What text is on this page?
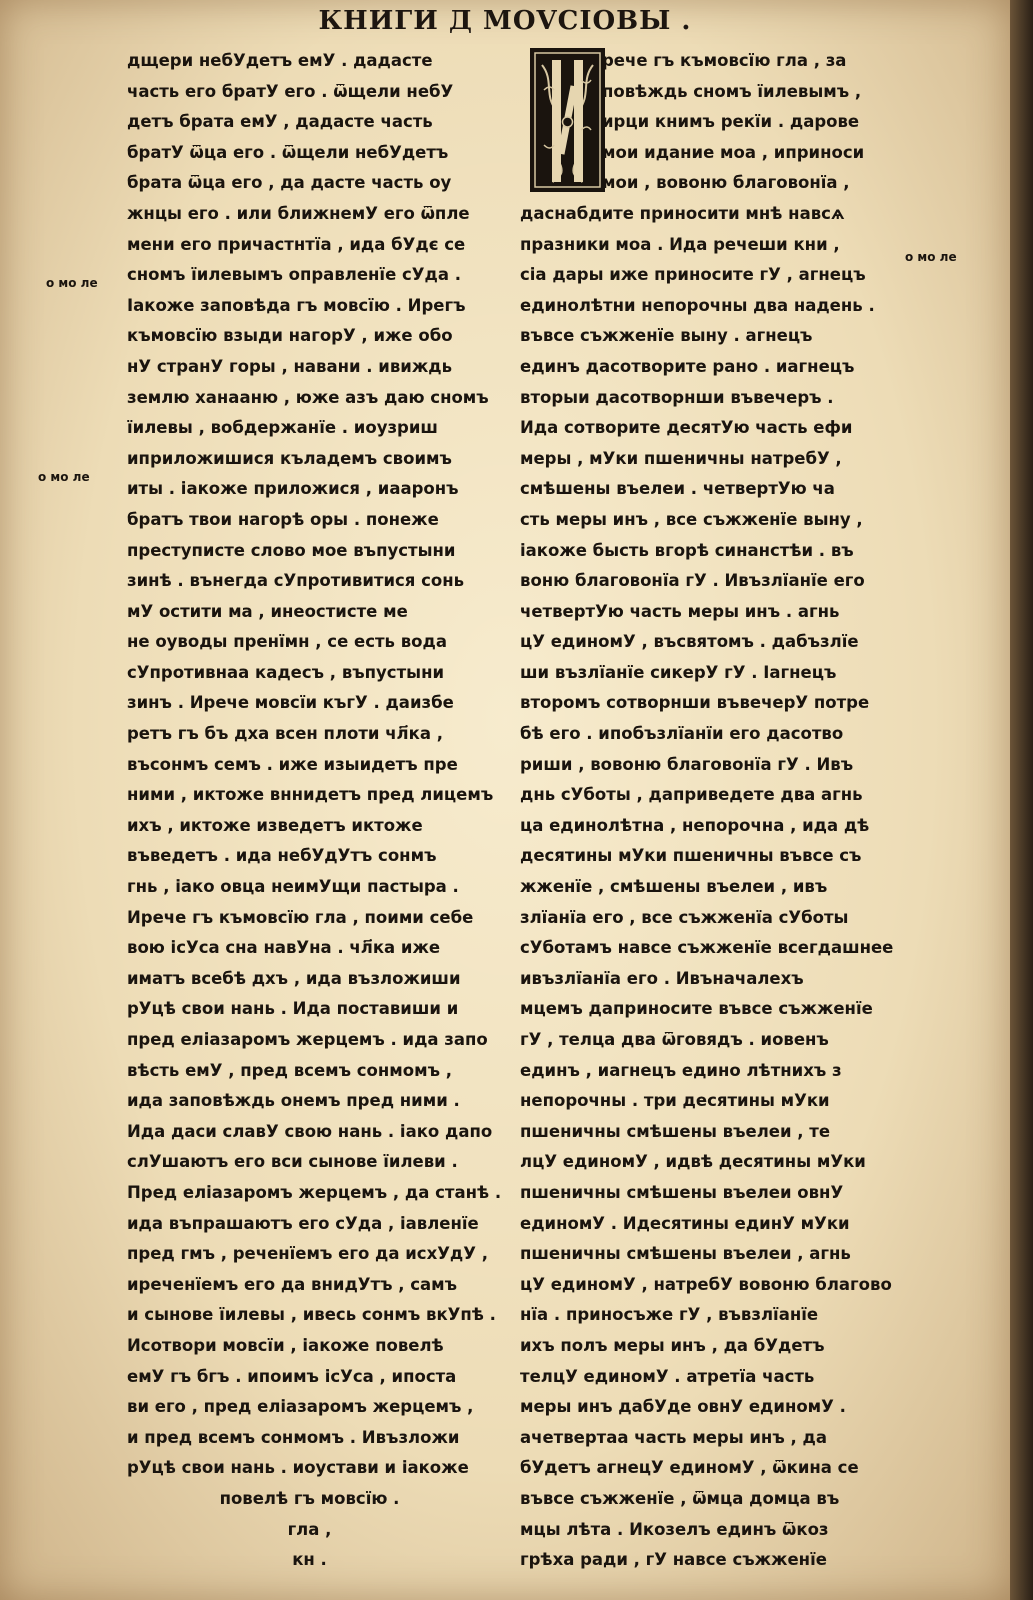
КНИГИ Д МОVСIОВЫ .
о мо ле
о мо ле
о мо ле
дщери небУдетъ емУ . дадасте
часть его братУ его . ѿщели небУ
детъ брата емУ , дадасте часть
братУ ѿца его . ѿщели небУдетъ
брата ѿца его , да дасте часть оу
жнцы его . или ближнемУ его ѿпле
мени его причастнтїа , ида бУдє се
сномъ їилевымъ оправленїе сУда .
Іакоже заповѣда гъ мовсїю . Ирегъ
къмовсїю взыди нагорУ , иже обо
нУ странУ горы , навани . ивиждь
землю ханааню , юже азъ даю сномъ
їилевы , вобдержанїе . иоузриш
иприложишися къладемъ своимъ
иты . іакоже приложися , иааронъ
братъ твои нагорѣ оры . понеже
преступисте слово мое въпустыни
зинѣ . вънегда сУпротивитися сонь
мУ остити ма , инеостисте ме
не оуводы пренїмн , се есть вода
сУпротивнаа кадесъ , въпустыни
зинъ . Ирече мовсїи къгУ . даизбе
ретъ гъ бъ дха всен плоти чл҃ка ,
въсонмъ семъ . иже изыидетъ пре
ними , иктоже вннидетъ пред лицемъ
ихъ , иктоже изведетъ иктоже
въведетъ . ида небУдУтъ сонмъ
гнь , іако овца неимУщи пастыра .
Ирече гъ къмовсїю гла , поими себе
вою ісУса сна навУна . чл҃ка иже
иматъ всебѣ дхъ , ида възложиши
рУцѣ свои нань . Ида поставиши и
пред еліазаромъ жерцемъ . ида запо
вѣсть емУ , пред всемъ сонмомъ ,
ида заповѣждь онемъ пред ними .
Ида даси славУ свою нань . іако дапо
слУшаютъ его вси сынове їилеви .
Пред еліазаромъ жерцемъ , да станѣ .
ида въпрашаютъ его сУда , іавленїе
пред гмъ , реченїемъ его да исхУдУ ,
иреченїемъ его да внидУтъ , самъ
и сынове їилевы , ивесь сонмъ вкУпѣ .
Исотвори мовсїи , іакоже повелѣ
емУ гъ бгъ . ипоимъ ісУса , ипоста
ви его , пред еліазаромъ жерцемъ ,
и пред всемъ сонмомъ . Ивъзложи
рУцѣ свои нань . иоустави и іакоже
повелѣ гъ мовсїю .
гла ,
кн .
рече гъ къмовсїю гла , за
повѣждь сномъ їилевымъ ,
ирци книмъ рекїи . дарове
мои идание моа , иприноси
мои , вовоню благовонїа ,
даснабдите приносити мнѣ навсѧ
празники моа . Ида речеши кни ,
сіа дары иже приносите гУ , агнецъ
единолѣтни непорочны два надень .
въвсе съжженїе выну . агнецъ
единъ дасотворите рано . иагнецъ
вторыи дасотворнши въвечеръ .
Ида сотворите десятУю часть ефи
меры , мУки пшеничны натребУ ,
смѣшены въелеи . четвертУю ча
сть меры инъ , все съжженїе выну ,
іакоже бысть вгорѣ синанстѣи . въ
воню благовонїа гУ . Ивъзлїанїе его
четвертУю часть меры инъ . агнь
цУ единомУ , въсвятомъ . дабъзлїе
ши възлїанїе сикерУ гУ . Іагнецъ
второмъ сотворнши въвечерУ потре
бѣ его . ипобъзлїанїи его дасотво
риши , вовоню благовонїа гУ . Ивъ
днь сУботы , даприведете два агнь
ца единолѣтна , непорочна , ида дѣ
десятины мУки пшеничны въвсе съ
жженїе , смѣшены въелеи , ивъ
злїанїа его , все съжженїа сУботы
сУботамъ навсе съжженїе всегдашнее
ивъзлїанїа его . Ивъначалехъ
мцемъ даприносите въвсе съжженїе
гУ , телца два ѿговядъ . иовенъ
единъ , иагнецъ едино лѣтнихъ з
непорочны . три десятины мУки
пшеничны смѣшены въелеи , те
лцУ единомУ , идвѣ десятины мУки
пшеничны смѣшены въелеи овнУ
единомУ . Идесятины единУ мУки
пшеничны смѣшены въелеи , агнь
цУ единомУ , натребУ вовоню благово
нїа . приносъже гУ , въвзлїанїе
ихъ полъ меры инъ , да бУдетъ
телцУ единомУ . атретїа часть
меры инъ дабУде овнУ единомУ .
ачетвертаа часть меры инъ , да
бУдетъ агнецУ единомУ , ѿкина се
въвсе съжженїе , ѿмца домца въ
мцы лѣта . Икозелъ единъ ѿкоз
грѣха ради , гУ навсе съжженїе
